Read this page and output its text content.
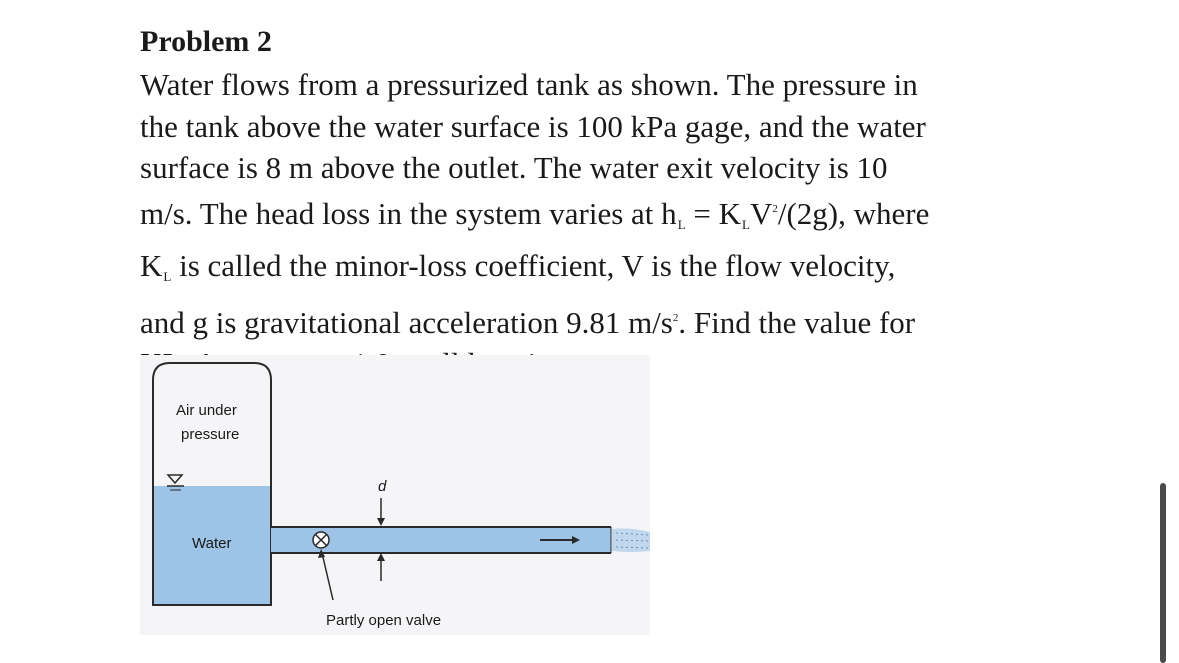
Problem 2

Water flows from a pressurized tank as shown. The pressure in
the tank above the water surface is 100 kPa gage, and the water
surface is 8 m above the outlet. The water exit velocity is 10
m/s. The head loss in the system varies at $h_L = K_LV^2/(2g)$, where
$K_L$ is called the minor-loss coefficient, V is the flow velocity,
and g is gravitational acceleration 9.81 $m/s^2$. Find the value for

Air under
pressure
Water
d
Partly open valve
